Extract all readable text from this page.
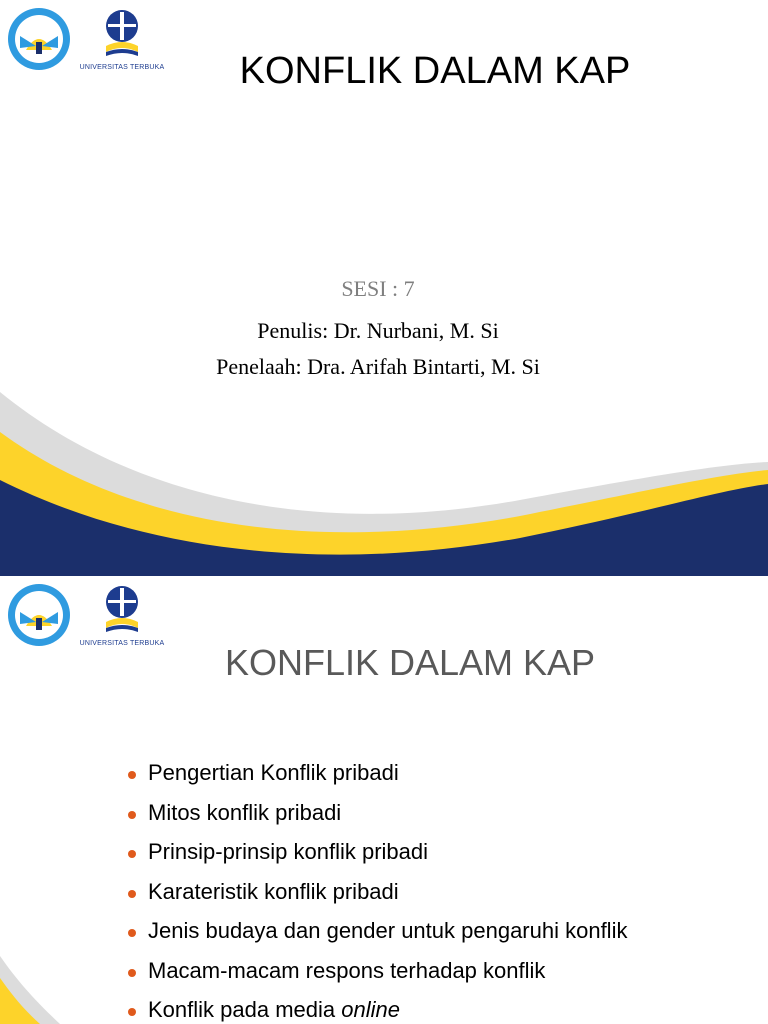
UNIVERSITAS TERBUKA	KONFLIK DALAM KAP
SESI : 7
Penulis: Dr. Nurbani, M. Si
Penelaah: Dra. Arifah Bintarti, M. Si
UNIVERSITAS TERBUKA	KONFLIK DALAM KAP
Pengertian Konflik pribadi
Mitos konflik pribadi
Prinsip-prinsip konflik pribadi
Karateristik konflik pribadi
Jenis budaya dan gender untuk pengaruhi konflik
Macam-macam respons terhadap konflik
Konflik pada media online
